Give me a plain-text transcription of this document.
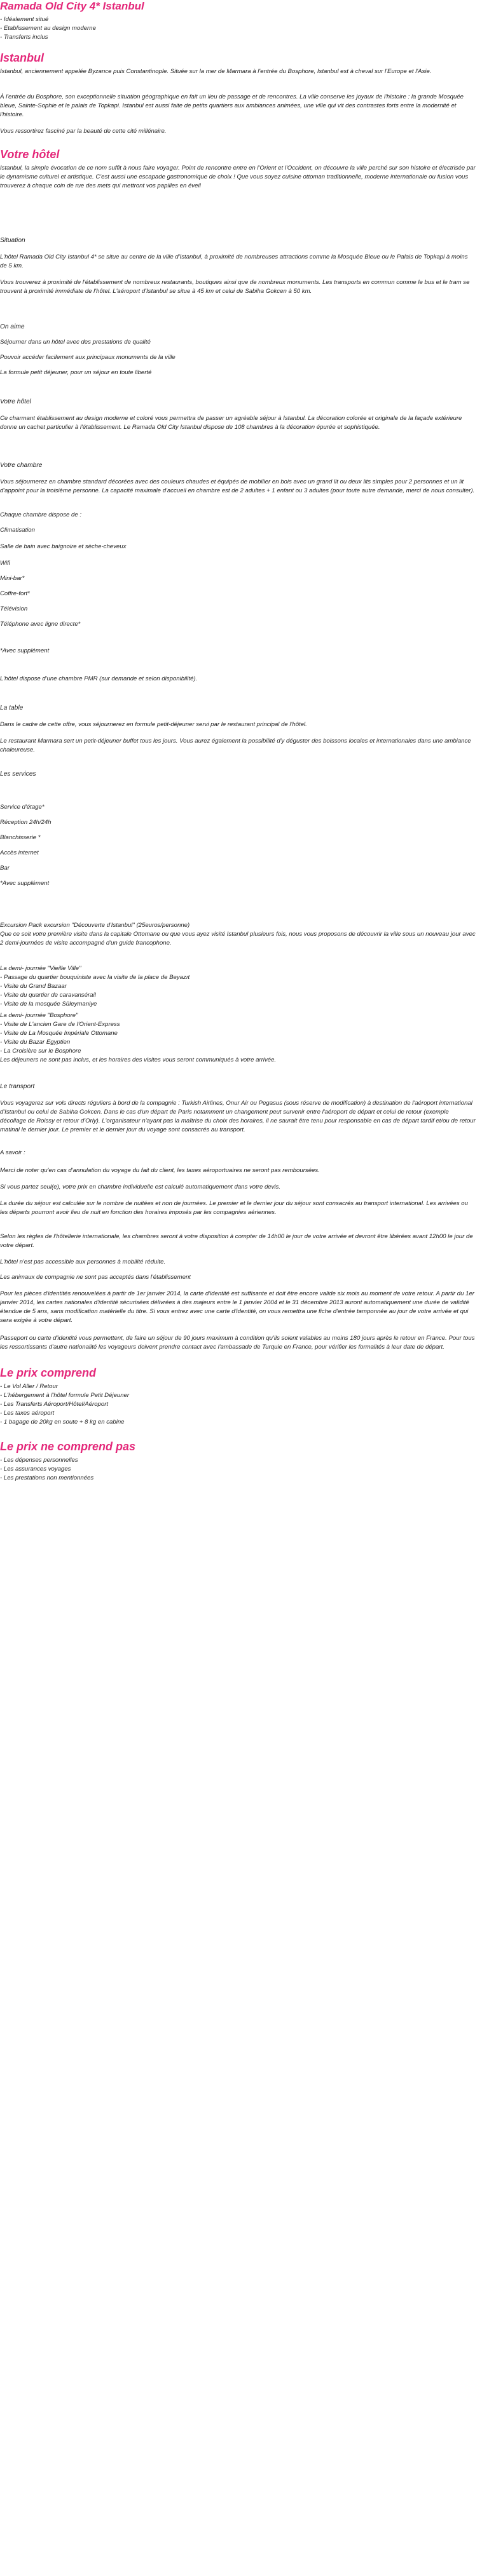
Ramada Old City 4* Istanbul
- Idéalement situé
- Etablissement au design moderne
- Transferts inclus
Istanbul

Istanbul, anciennement appelée Byzance puis Constantinople. Située sur la mer de Marmara à l'entrée du Bosphore, Istanbul est à cheval sur l'Europe et l'Asie.

À l'entrée du Bosphore, son exceptionnelle situation géographique en fait un lieu de passage et de rencontres. La ville conserve les joyaux de l'histoire : la grande Mosquée bleue, Sainte-Sophie et le palais de Topkapi. Istanbul est aussi faite de petits quartiers aux ambiances animées, une ville qui vit des contrastes forts entre la modernité et l'histoire.

Vous ressortirez fasciné par la beauté de cette cité millénaire.

Votre hôtel

Istanbul, la simple évocation de ce nom suffit à nous faire voyager. Point de rencontre entre en l'Orient et l'Occident, on découvre la ville perché sur son histoire et électrisée par le dynamisme culturel et artistique. C'est aussi une escapade gastronomique de choix ! Que vous soyez cuisine ottoman traditionnelle, moderne internationale ou fusion vous trouverez à chaque coin de rue des mets qui mettront vos papilles en éveil

Situation

L'hôtel Ramada Old City Istanbul 4* se situe au centre de la ville d'Istanbul, à proximité de nombreuses attractions comme la Mosquée Bleue ou le Palais de Topkapi à moins de 5 km.

Vous trouverez à proximité de l'établissement de nombreux restaurants, boutiques ainsi que de nombreux monuments. Les transports en commun comme le bus et le tram se trouvent à proximité immédiate de l'hôtel. L'aéroport d'Istanbul se situe à 45 km et celui de Sabiha Gokcen à 50 km.

On aime

Séjourner dans un hôtel avec des prestations de qualité

Pouvoir accéder facilement aux principaux monuments de la ville

La formule petit déjeuner, pour un séjour en toute liberté

Votre hôtel

Ce charmant établissement au design moderne et coloré vous permettra de passer un agréable séjour à Istanbul. La décoration colorée et originale de la façade extérieure donne un cachet particulier à l'établissement. Le Ramada Old City Istanbul dispose de 108 chambres à la décoration épurée et sophistiquée.

Votre chambre

Vous séjournerez en chambre standard décorées avec des couleurs chaudes et équipés de mobilier en bois avec un grand lit ou deux lits simples pour 2 personnes et un lit d'appoint pour la troisième personne. La capacité maximale d'accueil en chambre est de 2 adultes + 1 enfant ou 3 adultes (pour toute autre demande, merci de nous consulter).

Chaque chambre dispose de :

Climatisation

Salle de bain avec baignoire et sèche-cheveux

Wifi

Mini-bar*

Coffre-fort*

Télévision

Téléphone avec ligne directe*

*Avec supplément

L'hôtel dispose d'une chambre PMR (sur demande et selon disponibilité).

La table

Dans le cadre de cette offre, vous séjournerez en formule petit-déjeuner servi par le restaurant principal de l'hôtel.

Le restaurant Marmara sert un petit-déjeuner buffet tous les jours. Vous aurez également la possibilité d'y déguster des boissons locales et internationales dans une ambiance chaleureuse.

Les services

Service d'étage*

Réception 24h/24h

Blanchisserie *

Accès internet

Bar

*Avec supplément

Excursion Pack excursion "Découverte d'Istanbul" (25euros/personne)
Que ce soit votre première visite dans la capitale Ottomane ou que vous ayez visité Istanbul plusieurs fois, nous vous proposons de découvrir la ville sous un nouveau jour avec 2 demi-journées de visite accompagné d'un guide francophone.

La demi- journée "Vieille Ville"
- Passage du quartier bouquiniste avec la visite de la place de Beyazıt
- Visite du Grand Bazaar
- Visite du quartier de caravansérail
- Visite de la mosquée Süleymaniye

La demi- journée "Bosphore"
- Visite de L'ancien Gare de l'Orient-Express
- Visite de La Mosquée Impériale Ottomane
- Visite du Bazar Egyptien
- La Croisière sur le Bosphore
Les déjeuners ne sont pas inclus, et les horaires des visites vous seront communiqués à votre arrivée.

Le transport

Vous voyagerez sur vols directs réguliers à bord de la compagnie : Turkish Airlines, Onur Air ou Pegasus (sous réserve de modification) à destination de l'aéroport international d'Istanbul ou celui de Sabiha Gokcen. Dans le cas d'un départ de Paris notamment un changement peut survenir entre l'aéroport de départ et celui de retour (exemple décollage de Roissy et retour d'Orly). L'organisateur n'ayant pas la maîtrise du choix des horaires, il ne saurait être tenu pour responsable en cas de départ tardif et/ou de retour matinal le dernier jour. Le premier et le dernier jour du voyage sont consacrés au transport.

A savoir :

Merci de noter qu'en cas d'annulation du voyage du fait du client, les taxes aéroportuaires ne seront pas remboursées.

Si vous partez seul(e), votre prix en chambre individuelle est calculé automatiquement dans votre devis.

La durée du séjour est calculée sur le nombre de nuitées et non de journées. Le premier et le dernier jour du séjour sont consacrés au transport international. Les arrivées ou les départs pourront avoir lieu de nuit en fonction des horaires imposés par les compagnies aériennes.

Selon les règles de l'hôtellerie internationale, les chambres seront à votre disposition à compter de 14h00 le jour de votre arrivée et devront être libérées avant 12h00 le jour de votre départ.

L'hôtel n'est pas accessible aux personnes à mobilité réduite.

Les animaux de compagnie ne sont pas acceptés dans l'établissement

Pour les pièces d'identités renouvelées à partir de 1er janvier 2014, la carte d'identité est suffisante et doit être encore valide six mois au moment de votre retour. A partir du 1er janvier 2014, les cartes nationales d'identité sécurisées délivrées à des majeurs entre le 1 janvier 2004 et le 31 décembre 2013 auront automatiquement une durée de validité étendue de 5 ans, sans modification matérielle du titre. Si vous entrez avec une carte d'identité, on vous remettra une fiche d'entrée tamponnée au jour de votre arrivée et qui sera exigée à votre départ.

Passeport ou carte d'identité vous permettent, de faire un séjour de 90 jours maximum à condition qu'ils soient valables au moins 180 jours après le retour en France. Pour tous les ressortissants d'autre nationalité les voyageurs doivent prendre contact avec l'ambassade de Turquie en France, pour vérifier les formalités à leur date de départ.

Le prix comprend
- Le Vol Aller / Retour
- L'hébergement à l'hôtel formule Petit Déjeuner
- Les Transferts Aéroport/Hôtel/Aéroport
- Les taxes aéroport
- 1 bagage de 20kg en soute + 8 kg en cabine
Le prix ne comprend pas
- Les dépenses personnelles
- Les assurances voyages
- Les prestations non mentionnées
